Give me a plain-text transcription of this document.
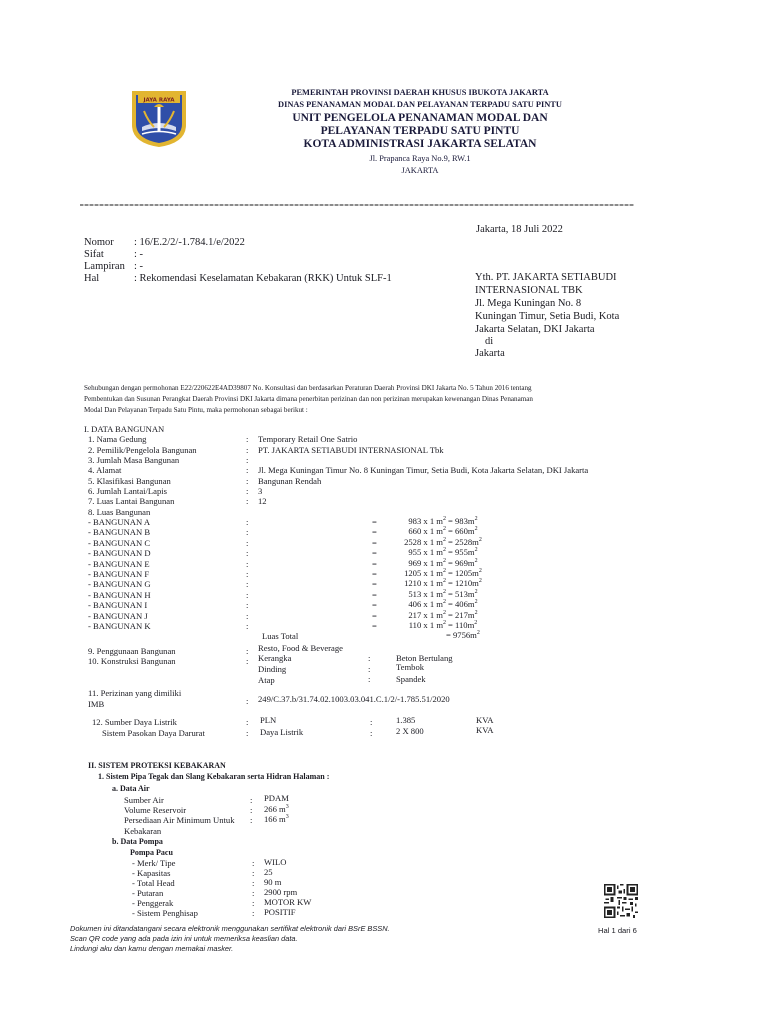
JAYA RAYA
PEMERINTAH PROVINSI DAERAH KHUSUS IBUKOTA JAKARTA
DINAS PENANAMAN MODAL DAN PELAYANAN TERPADU SATU PINTU
UNIT PENGELOLA PENANAMAN MODAL DAN
PELAYANAN TERPADU SATU PINTU
KOTA ADMINISTRASI JAKARTA SELATAN
Jl. Prapanca Raya No.9, RW.1
JAKARTA
Jakarta, 18 Juli 2022
Nomor : 16/E.2/2/-1.784.1/e/2022
Sifat	: -
Lampiran : -
Hal	: Rekomendasi Keselamatan Kebakaran (RKK) Untuk SLF-1	Yth. PT. JAKARTA SETIABUDI
INTERNASIONAL TBK
Jl. Mega Kuningan No. 8
Kuningan Timur, Setia Budi, Kota
Jakarta Selatan, DKI Jakarta
di
Jakarta
Sehubungan dengan permohonan E22/220622E4AD39807 No. Konsultasi dan berdasarkan Peraturan Daerah Provinsi DKI Jakarta No. 5 Tahun 2016 tentang
Pembentukan dan Susunan Perangkat Daerah Provinsi DKI Jakarta dimana penerbitan perizinan dan non perizinan merupakan kewenangan Dinas Penanaman
Modal Dan Pelayanan Terpadu Satu Pintu, maka permohonan sebagai berikut :
I. DATA BANGUNAN
1. Nama Gedung	: Temporary Retail One Satrio
2. Pemilik/Pengelola Bangunan	: PT. JAKARTA SETIABUDI INTERNASIONAL Tbk
3. Jumlah Masa Bangunan	:
4. Alamat	: Jl. Mega Kuningan Timur No. 8 Kuningan Timur, Setia Budi, Kota Jakarta Selatan, DKI Jakarta
5. Klasifikasi Bangunan	: Bangunan Rendah
6. Jumlah Lantai/Lapis	: 3
7. Luas Lantai Bangunan	: 12
8. Luas Bangunan
- BANGUNAN A	:	=	983 x 1 $m^2 = 983m^2$
- BANGUNAN B	:	=	660 x 1 $m^2 = 660m^2$
- BANGUNAN C	:	=	2528 x 1 $m^2 = 2528m^2$
- BANGUNAN D	:	=	955 x 1 $m^2 = 955m^2$
- BANGUNAN E	:	=	969 x 1 $m^2 = 969m^2$
- BANGUNAN F	:	=	1205 x 1 $m^2 = 1205m^2$
- BANGUNAN G	:	=	1210 x 1 $m^2 = 1210m^2$
- BANGUNAN H	:	=	513 x 1 $m^2 = 513m^2$
- BANGUNAN I	:	=	406 x 1 $m^2 = 406m^2$
- BANGUNAN J	:	=	217 x 1 $m^2 = 217m^2$
- BANGUNAN K	:	=	110 x 1 $m^2 = 110m^2$
Luas Total	= $9756m^2$
9. Penggunaan Bangunan	: Resto, Food & Beverage
10. Konstruksi Bangunan	: Kerangka	:	Beton Bertulang
Dinding	:	Tembok
Atap	:	Spandek
11. Perizinan yang dimiliki
IMB	: 249/C.37.b/31.74.02.1003.03.041.C.1/2/-1.785.51/2020
12. Sumber Daya Listrik	: PLN	:	1.385	KVA
Sistem Pasokan Daya Darurat	: Daya Listrik	:	2 X 800	KVA
II. SISTEM PROTEKSI KEBAKARAN
1. Sistem Pipa Tegak dan Slang Kebakaran serta Hidran Halaman :
a. Data Air
Sumber Air	: PDAM
Volume Reservoir	: 266 $m^3$
Persediaan Air Minimum Untuk : 166 $m^3$
Kebakaran
b. Data Pompa
Pompa Pacu
- Merk/ Tipe	: WILO
- Kapasitas	: 25
- Total Head	: 90 m
- Putaran	: 2900 rpm
- Penggerak	: MOTOR KW
- Sistem Penghisap	: POSITIF
Dokumen ini ditandatangani secara elektronik menggunakan sertifikat elektronik dari BSrE BSSN.
Scan QR code yang ada pada izin ini untuk memeriksa keaslian data.
Lindungi aku dan kamu dengan memakai masker.
Hal 1 dari 6
